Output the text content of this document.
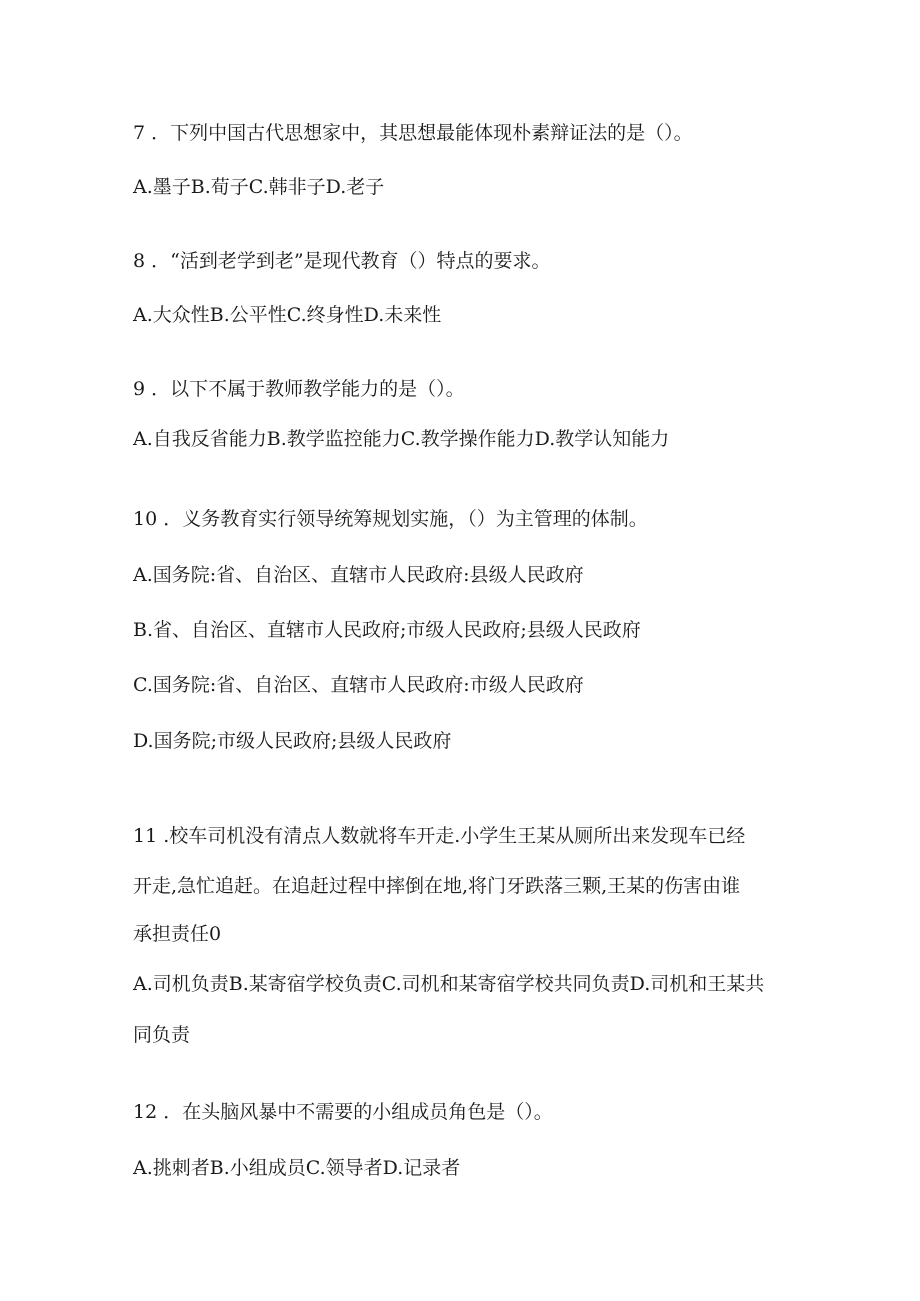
7 ．下列中国古代思想家中，其思想最能体现朴素辩证法的是（）。

A.墨子B.荀子C.韩非子D.老子

8 ．“活到老学到老”是现代教育（）特点的要求。

A.大众性B.公平性C.终身性D.未来性

9 ．以下不属于教师教学能力的是（）。

A.自我反省能力B.教学监控能力C.教学操作能力D.教学认知能力

10 ．义务教育实行领导统筹规划实施，（）为主管理的体制。

A.国务院:省、自治区、直辖市人民政府:县级人民政府

B.省、自治区、直辖市人民政府;市级人民政府;县级人民政府

C.国务院:省、自治区、直辖市人民政府:市级人民政府

D.国务院;市级人民政府;县级人民政府

11 .校车司机没有清点人数就将车开走.小学生王某从厕所出来发现车已经

开走,急忙追赶。在追赶过程中摔倒在地,将门牙跌落三颗,王某的伤害由谁

承担责任0

A.司机负责B.某寄宿学校负责C.司机和某寄宿学校共同负责D.司机和王某共

同负责

12 ．在头脑风暴中不需要的小组成员角色是（）。

A.挑刺者B.小组成员C.领导者D.记录者
